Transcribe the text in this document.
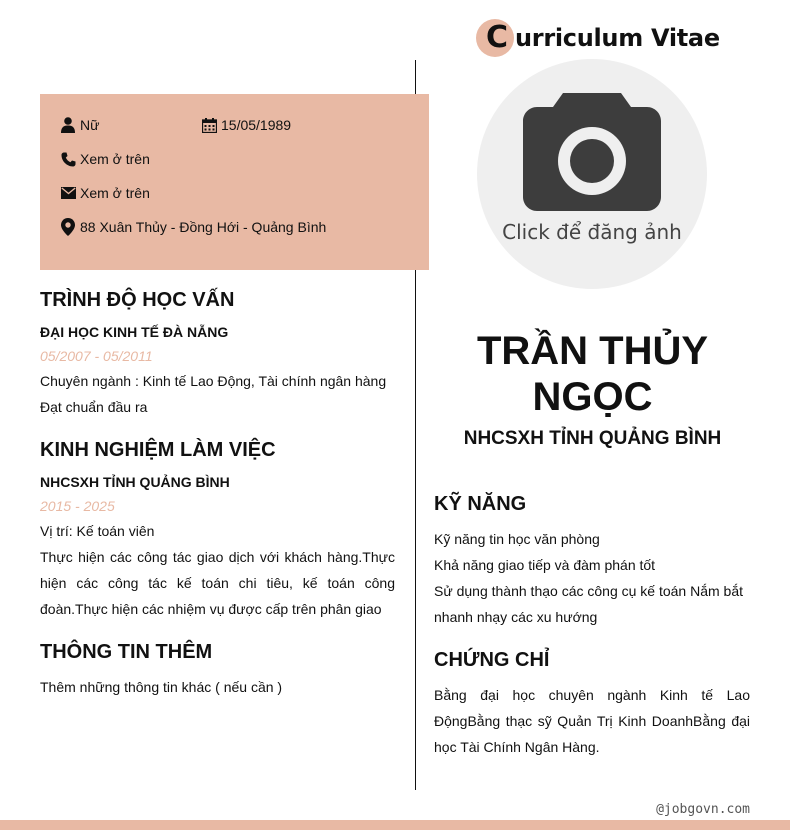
C urriculum Vitae
Nữ	15/05/1989
Xem ở trên
Xem ở trên
88 Xuân Thủy - Đồng Hới - Quảng Bình
TRÌNH ĐỘ HỌC VẤN
ĐẠI HỌC KINH TẾ ĐÀ NẴNG
05/2007 - 05/2011
Chuyên ngành : Kinh tế Lao Động, Tài chính ngân hàng
Đạt chuẩn đầu ra
KINH NGHIỆM LÀM VIỆC
NHCSXH TỈNH QUẢNG BÌNH
2015 - 2025
Vị trí: Kế toán viên
Thực hiện các công tác giao dịch với khách hàng.Thực hiện các công tác kế toán chi tiêu, kế toán công đoàn.Thực hiện các nhiệm vụ được cấp trên phân giao
THÔNG TIN THÊM
Thêm những thông tin khác ( nếu cần )
Click để đăng ảnh
TRẦN THỦY
NGỌC
NHCSXH TỈNH QUẢNG BÌNH
KỸ NĂNG
Kỹ năng tin học văn phòng
Khả năng giao tiếp và đàm phán tốt
Sử dụng thành thạo các công cụ kế toán Nắm bắt nhanh nhạy các xu hướng
CHỨNG CHỈ
Bằng đại học chuyên ngành Kinh tế Lao ĐộngBằng thạc sỹ Quản Trị Kinh DoanhBằng đại học Tài Chính Ngân Hàng.
@jobgovn.com
